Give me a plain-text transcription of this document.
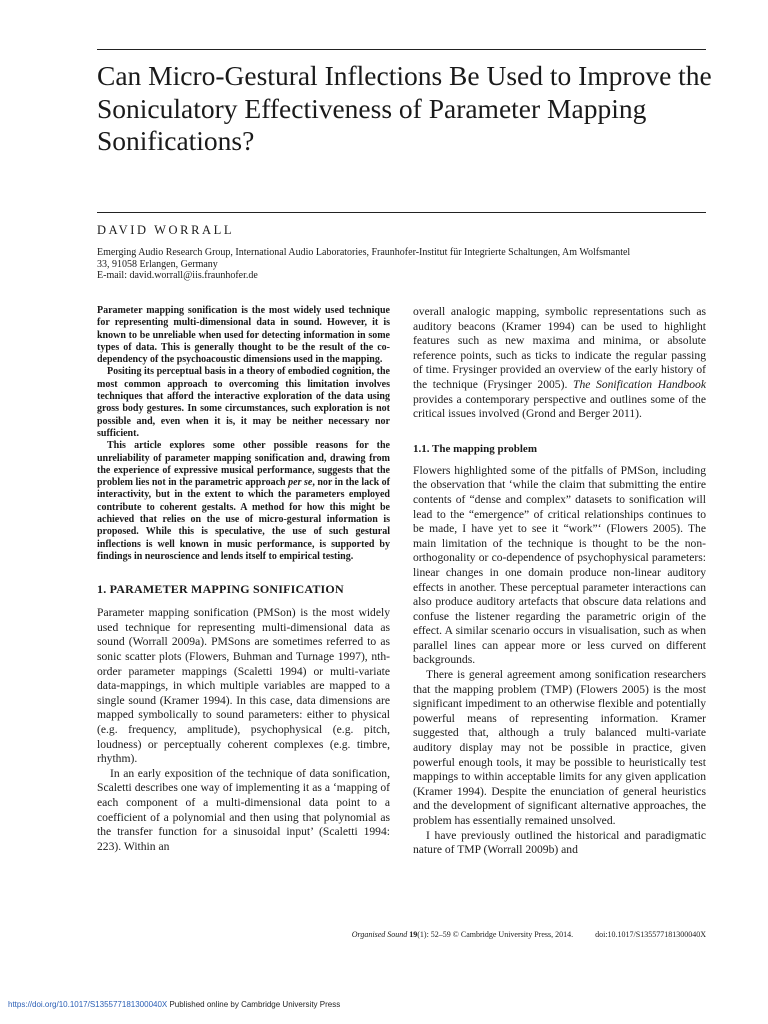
Can Micro-Gestural Inflections Be Used to Improve the Soniculatory Effectiveness of Parameter Mapping Sonifications?
DAVID WORRALL
Emerging Audio Research Group, International Audio Laboratories, Fraunhofer-Institut für Integrierte Schaltungen, Am Wolfsmantel
33, 91058 Erlangen, Germany
E-mail: david.worrall@iis.fraunhofer.de

Parameter mapping sonification is the most widely used technique for representing multi-dimensional data in sound. However, it is known to be unreliable when used for detecting information in some types of data. This is generally thought to be the result of the co-dependency of the psychoacoustic dimensions used in the mapping.

Positing its perceptual basis in a theory of embodied cognition, the most common approach to overcoming this limitation involves techniques that afford the interactive exploration of the data using gross body gestures. In some circumstances, such exploration is not possible and, even when it is, it may be neither necessary nor sufficient.

This article explores some other possible reasons for the unreliability of parameter mapping sonification and, drawing from the experience of expressive musical performance, suggests that the problem lies not in the parametric approach per se, nor in the lack of interactivity, but in the extent to which the parameters employed contribute to coherent gestalts. A method for how this might be achieved that relies on the use of micro-gestural information is proposed. While this is speculative, the use of such gestural inflections is well known in music performance, is supported by findings in neuroscience and lends itself to empirical testing.

1. PARAMETER MAPPING SONIFICATION

Parameter mapping sonification (PMSon) is the most widely used technique for representing multi-dimensional data as sound (Worrall 2009a). PMSons are sometimes referred to as sonic scatter plots (Flowers, Buhman and Turnage 1997), nth-order parameter mappings (Scaletti 1994) or multi-variate data-mappings, in which multiple variables are mapped to a single sound (Kramer 1994). In this case, data dimensions are mapped symbolically to sound parameters: either to physical (e.g. frequency, amplitude), psychophysical (e.g. pitch, loudness) or perceptually coherent complexes (e.g. timbre, rhythm).

In an early exposition of the technique of data sonification, Scaletti describes one way of implementing it as a ‘mapping of each component of a multi-dimensional data point to a coefficient of a polynomial and then using that polynomial as the transfer function for a sinusoidal input’ (Scaletti 1994: 223). Within an

overall analogic mapping, symbolic representations such as auditory beacons (Kramer 1994) can be used to highlight features such as new maxima and minima, or absolute reference points, such as ticks to indicate the regular passing of time. Frysinger provided an overview of the early history of the technique (Frysinger 2005). The Sonification Handbook provides a contemporary perspective and outlines some of the critical issues involved (Grond and Berger 2011).

1.1. The mapping problem

Flowers highlighted some of the pitfalls of PMSon, including the observation that ‘while the claim that submitting the entire contents of “dense and complex” datasets to sonification will lead to the “emergence” of critical relationships continues to be made, I have yet to see it “work”‘ (Flowers 2005). The main limitation of the technique is thought to be the non-orthogonality or co-dependence of psychophysical parameters: linear changes in one domain produce non-linear auditory effects in another. These perceptual parameter interactions can also produce auditory artefacts that obscure data relations and confuse the listener regarding the parametric origin of the effect. A similar scenario occurs in visualisation, such as when parallel lines can appear more or less curved on different backgrounds.

There is general agreement among sonification researchers that the mapping problem (TMP) (Flowers 2005) is the most significant impediment to an otherwise flexible and potentially powerful means of representing information. Kramer suggested that, although a truly balanced multi-variate auditory display may not be possible in practice, given powerful enough tools, it may be possible to heuristically test mappings to within acceptable limits for any given application (Kramer 1994). Despite the enunciation of general heuristics and the development of significant alternative approaches, the problem has essentially remained unsolved.

I have previously outlined the historical and paradigmatic nature of TMP (Worrall 2009b) and

Organised Sound 19(1): 52–59 © Cambridge University Press, 2014.	doi:10.1017/S135577181300040X
https://doi.org/10.1017/S135577181300040X Published online by Cambridge University Press
